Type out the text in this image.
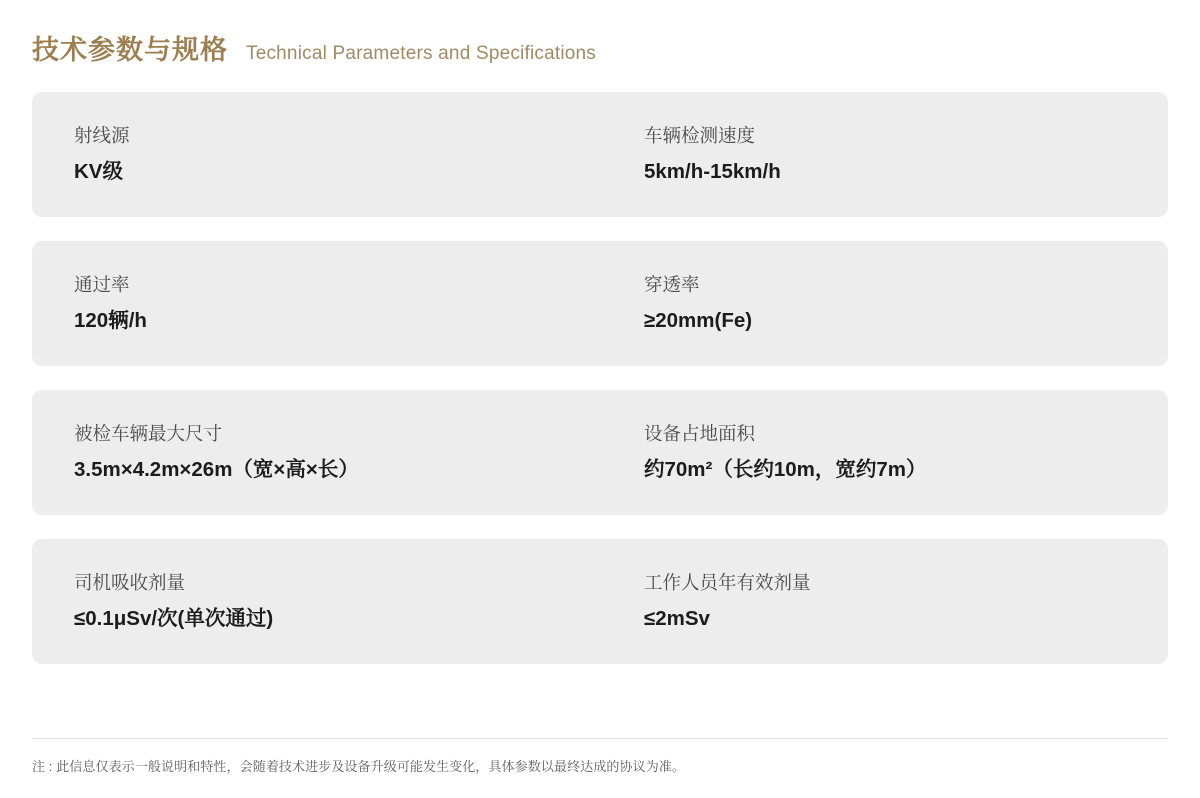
技术参数与规格 Technical Parameters and Specifications
射线源
KV级
车辆检测速度
5km/h-15km/h
通过率
120辆/h
穿透率
≥20mm(Fe)
被检车辆最大尺寸
3.5m×4.2m×26m（宽×高×长）
设备占地面积
约70m²（长约10m，宽约7m）
司机吸收剂量
≤0.1μSv/次(单次通过)
工作人员年有效剂量
≤2mSv
注 : 此信息仅表示一般说明和特性，会随着技术进步及设备升级可能发生变化，具体参数以最终达成的协议为准。
